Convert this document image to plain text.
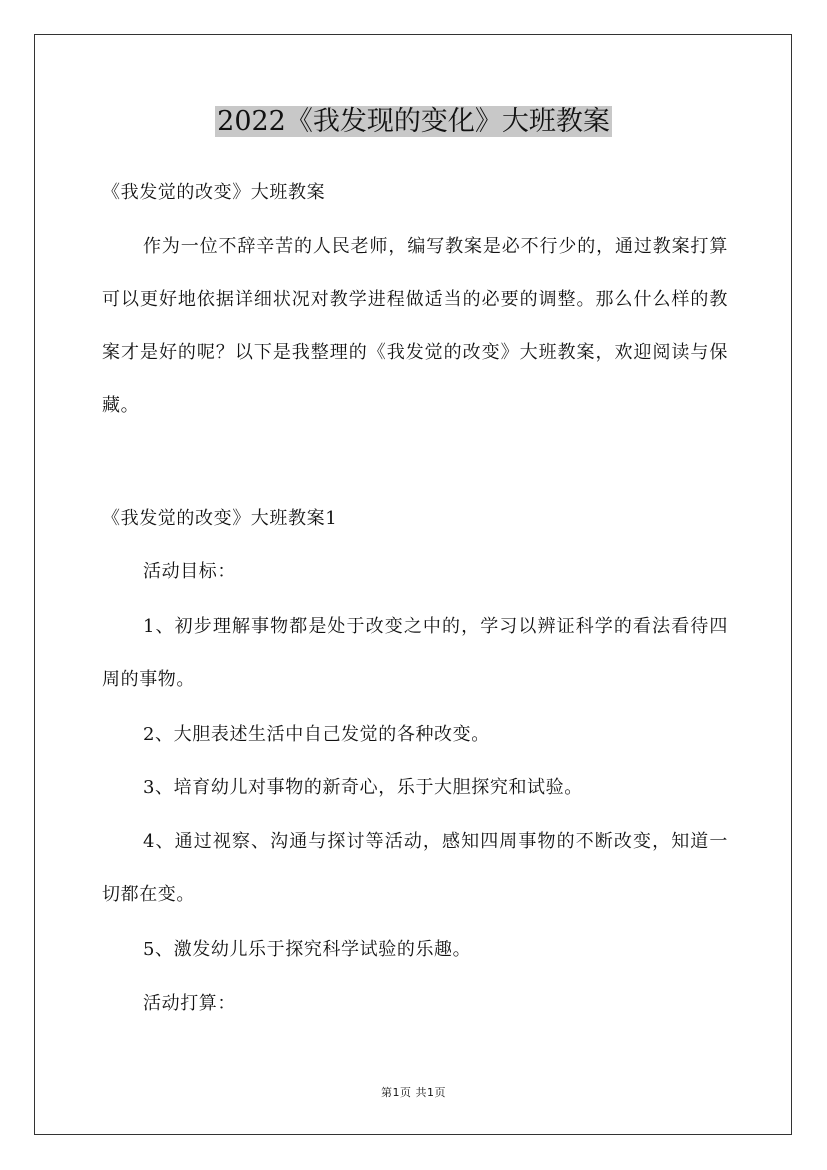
2022《我发现的变化》大班教案

《我发觉的改变》大班教案

作为一位不辞辛苦的人民老师，编写教案是必不行少的，通过教案打算可以更好地依据详细状况对教学进程做适当的必要的调整。那么什么样的教案才是好的呢？以下是我整理的《我发觉的改变》大班教案，欢迎阅读与保藏。

《我发觉的改变》大班教案1

活动目标：

1、初步理解事物都是处于改变之中的，学习以辨证科学的看法看待四周的事物。

2、大胆表述生活中自己发觉的各种改变。

3、培育幼儿对事物的新奇心，乐于大胆探究和试验。

4、通过视察、沟通与探讨等活动，感知四周事物的不断改变，知道一切都在变。

5、激发幼儿乐于探究科学试验的乐趣。

活动打算：

第1页 共1页
